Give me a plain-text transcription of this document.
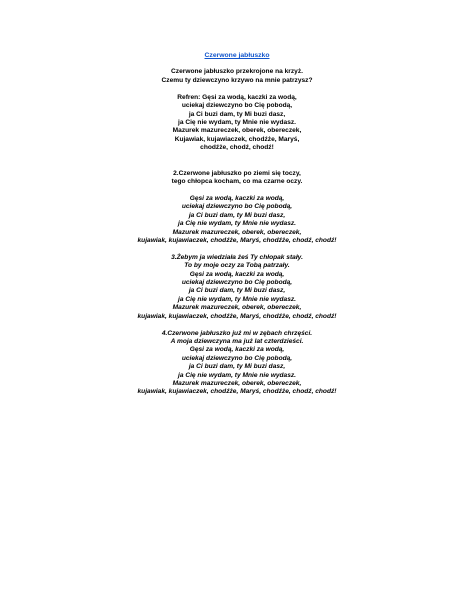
Czerwone jabłuszko
Czerwone jabłuszko przekrojone na krzyż.
Czemu ty dziewczyno krzywo na mnie patrzysz?
Refren: Gęsi za wodą, kaczki za wodą,
uciekaj dziewczyno bo Cię pobodą,
ja Ci buzi dam, ty Mi buzi dasz,
ja Cię nie wydam, ty Mnie nie wydasz.
Mazurek mazureczek, oberek, obereczek,
Kujawiak, kujawiaczek, chodźże, Maryś,
chodźże, chodź, chodź!
2.Czerwone jabłuszko po ziemi się toczy,
tego chłopca kocham, co ma czarne oczy.
Gęsi za wodą, kaczki za wodą,
uciekaj dziewczyno bo Cię pobodą,
ja Ci buzi dam, ty Mi buzi dasz,
ja Cię nie wydam, ty Mnie nie wydasz.
Mazurek mazureczek, oberek, obereczek,
kujawiak, kujawiaczek, chodźże, Maryś, chodźże, chodź, chodź!
3.Żebym ja wiedziała żeś Ty chłopak stały.
To by moje oczy za Tobą patrzały.
Gęsi za wodą, kaczki za wodą,
uciekaj dziewczyno bo Cię pobodą,
ja Ci buzi dam, ty Mi buzi dasz,
ja Cię nie wydam, ty Mnie nie wydasz.
Mazurek mazureczek, oberek, obereczek,
kujawiak, kujawiaczek, chodźże, Maryś, chodźże, chodź, chodź!
4.Czerwone jabłuszko już mi w zębach chrzęści.
A moja dziewczyna ma już lat czterdzieści.
Gęsi za wodą, kaczki za wodą,
uciekaj dziewczyno bo Cię pobodą,
ja Ci buzi dam, ty Mi buzi dasz,
ja Cię nie wydam, ty Mnie nie wydasz.
Mazurek mazureczek, oberek, obereczek,
kujawiak, kujawiaczek, chodźże, Maryś, chodźże, chodź, chodź!
